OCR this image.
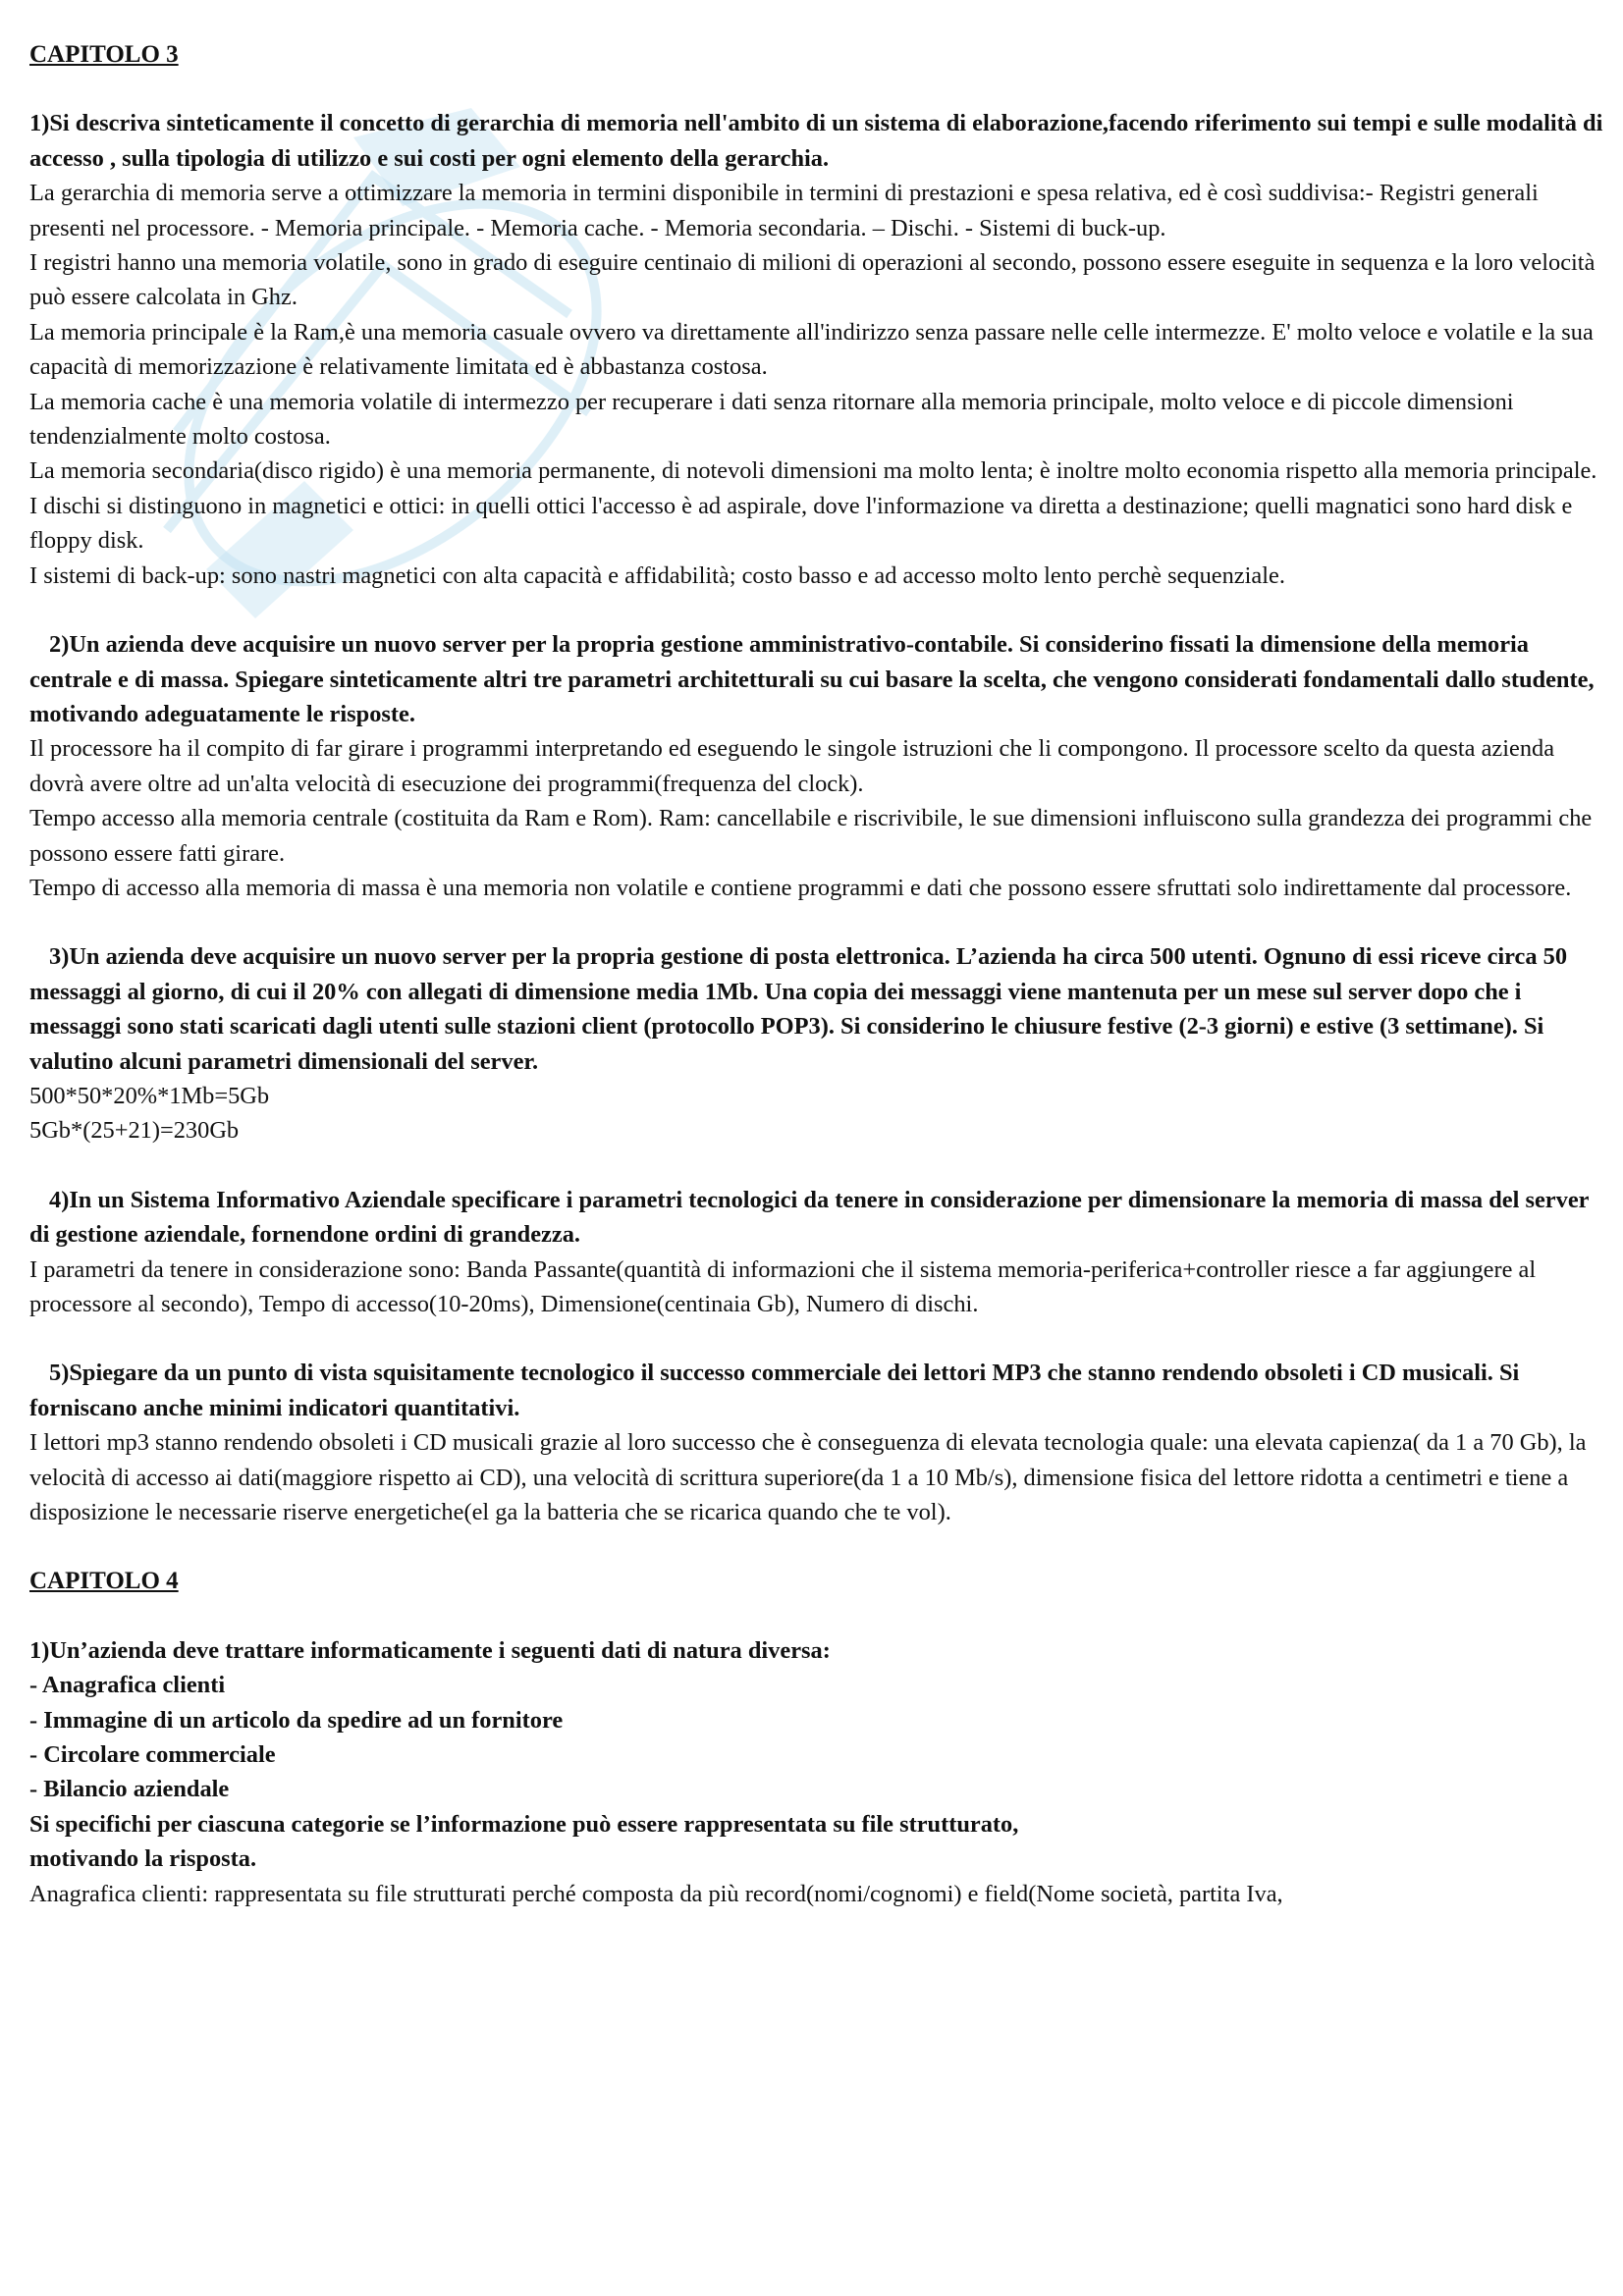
CAPITOLO 3

1)Si descriva sinteticamente il concetto di gerarchia di memoria nell'ambito di un sistema di elaborazione,facendo riferimento sui tempi e sulle modalità di accesso , sulla tipologia di utilizzo e sui costi per ogni elemento della gerarchia.

La gerarchia di memoria serve a ottimizzare la memoria in termini disponibile in termini di prestazioni e spesa relativa, ed è così suddivisa:- Registri generali presenti nel processore. - Memoria principale. - Memoria cache. - Memoria secondaria. – Dischi. - Sistemi di buck-up.

I registri hanno una memoria volatile, sono in grado di eseguire centinaio di milioni di operazioni al secondo, possono essere eseguite in sequenza e la loro velocità può essere calcolata in Ghz.

La memoria principale è la Ram,è una memoria casuale ovvero va direttamente all'indirizzo senza passare nelle celle intermezze. E' molto veloce e volatile e la sua capacità di memorizzazione è relativamente limitata ed è abbastanza costosa.

La memoria cache è una memoria volatile di intermezzo per recuperare i dati senza ritornare alla memoria principale, molto veloce e di piccole dimensioni tendenzialmente molto costosa.

La memoria secondaria(disco rigido) è una memoria permanente, di notevoli dimensioni ma molto lenta; è inoltre molto economia rispetto alla memoria principale.

I dischi si distinguono in magnetici e ottici: in quelli ottici l'accesso è ad aspirale, dove l'informazione va diretta a destinazione; quelli magnatici sono hard disk e floppy disk.

I sistemi di back-up: sono nastri magnetici con alta capacità e affidabilità; costo basso e ad accesso molto lento perchè sequenziale.

2)Un azienda deve acquisire un nuovo server per la propria gestione amministrativo-contabile. Si considerino fissati la dimensione della memoria centrale e di massa. Spiegare sinteticamente altri tre parametri architetturali su cui basare la scelta, che vengono considerati fondamentali dallo studente, motivando adeguatamente le risposte.

Il processore ha il compito di far girare i programmi interpretando ed eseguendo le singole istruzioni che li compongono. Il processore scelto da questa azienda dovrà avere oltre ad un'alta velocità di esecuzione dei programmi(frequenza del clock).

Tempo accesso alla memoria centrale (costituita da Ram e Rom). Ram: cancellabile e riscrivibile, le sue dimensioni influiscono sulla grandezza dei programmi che possono essere fatti girare.

Tempo di accesso alla memoria di massa è una memoria non volatile e contiene programmi e dati che possono essere sfruttati solo indirettamente dal processore.

3)Un azienda deve acquisire un nuovo server per la propria gestione di posta elettronica. L’azienda ha circa 500 utenti. Ognuno di essi riceve circa 50 messaggi al giorno, di cui il 20% con allegati di dimensione media 1Mb. Una copia dei messaggi viene mantenuta per un mese sul server dopo che i messaggi sono stati scaricati dagli utenti sulle stazioni client (protocollo POP3). Si considerino le chiusure festive (2-3 giorni) e estive (3 settimane). Si valutino alcuni parametri dimensionali del server.

500*50*20%*1Mb=5Gb

5Gb*(25+21)=230Gb

4)In un Sistema Informativo Aziendale specificare i parametri tecnologici da tenere in considerazione per dimensionare la memoria di massa del server di gestione aziendale, fornendone ordini di grandezza.

I parametri da tenere in considerazione sono: Banda Passante(quantità di informazioni che il sistema memoria-periferica+controller riesce a far aggiungere al processore al secondo), Tempo di accesso(10-20ms), Dimensione(centinaia Gb), Numero di dischi.

5)Spiegare da un punto di vista squisitamente tecnologico il successo commerciale dei lettori MP3 che stanno rendendo obsoleti i CD musicali. Si forniscano anche minimi indicatori quantitativi.

I lettori mp3 stanno rendendo obsoleti i CD musicali grazie al loro successo che è conseguenza di elevata tecnologia quale: una elevata capienza( da 1 a 70 Gb), la velocità di accesso ai dati(maggiore rispetto ai CD), una velocità di scrittura superiore(da 1 a 10 Mb/s), dimensione fisica del lettore ridotta a centimetri e tiene a disposizione le necessarie riserve energetiche(el ga la batteria che se ricarica quando che te vol).

CAPITOLO 4

1)Un’azienda deve trattare informaticamente i seguenti dati di natura diversa:

- Anagrafica clienti

- Immagine di un articolo da spedire ad un fornitore

- Circolare commerciale

- Bilancio aziendale

Si specifichi per ciascuna categorie se l’informazione può essere rappresentata su file strutturato,

motivando la risposta.

Anagrafica clienti: rappresentata su file strutturati perché composta da più record(nomi/cognomi) e field(Nome società, partita Iva,
